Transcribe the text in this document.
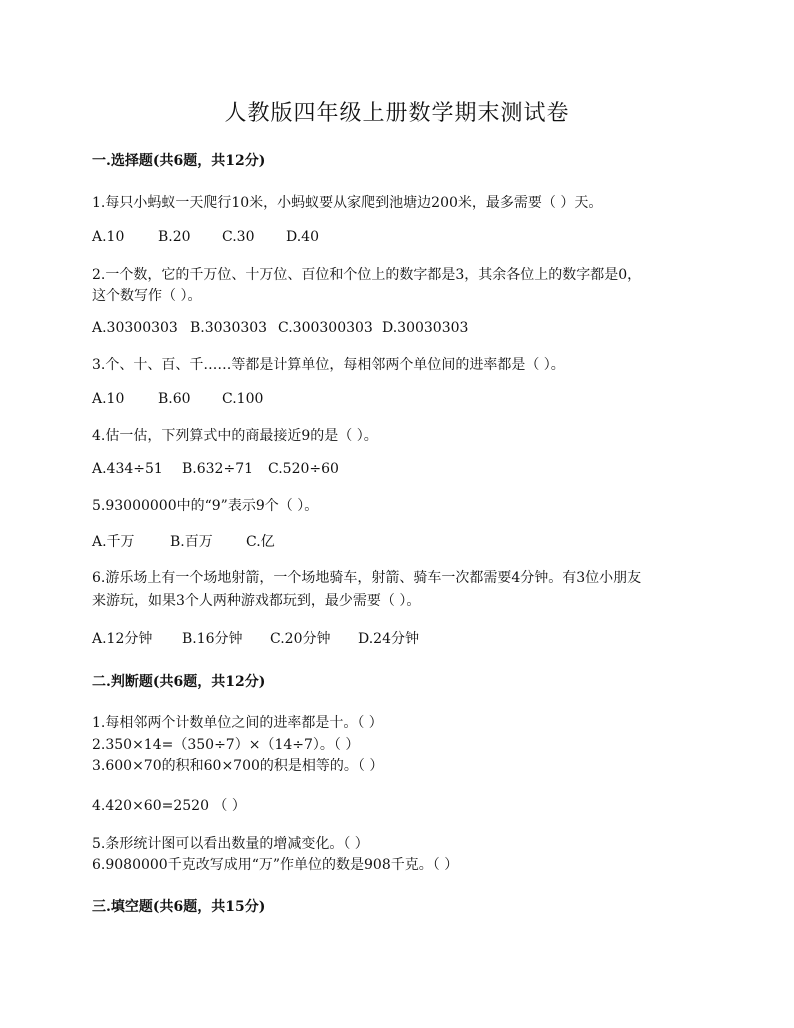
人教版四年级上册数学期末测试卷
一.选择题(共6题，共12分)
1.每只小蚂蚁一天爬行10米，小蚂蚁要从家爬到池塘边200米，最多需要（ ）天。
A.10 B.20 C.30 D.40
2.一个数，它的千万位、十万位、百位和个位上的数字都是3，其余各位上的数字都是0，
这个数写作（ ）。
A.30300303 B.3030303 C.300300303 D.30030303
3.个、十、百、千……等都是计算单位，每相邻两个单位间的进率都是（ ）。
A.10 B.60 C.100
4.估一估，下列算式中的商最接近9的是（ ）。
A.434÷51 B.632÷71 C.520÷60
5.93000000中的“9”表示9个（ ）。
A.千万	B.百万 C.亿
6.游乐场上有一个场地射箭，一个场地骑车，射箭、骑车一次都需要4分钟。有3位小朋友
来游玩，如果3个人两种游戏都玩到，最少需要（ ）。
A.12分钟 B.16分钟 C.20分钟 D.24分钟
二.判断题(共6题，共12分)
1.每相邻两个计数单位之间的进率都是十。（ ）
2.350×14=（350÷7）×（14÷7）。（ ）
3.600×70的积和60×700的积是相等的。（ ）
4.420×60=2520 （ ）
5.条形统计图可以看出数量的增减变化。（ ）
6.9080000千克改写成用“万”作单位的数是908千克。（ ）
三.填空题(共6题，共15分)
